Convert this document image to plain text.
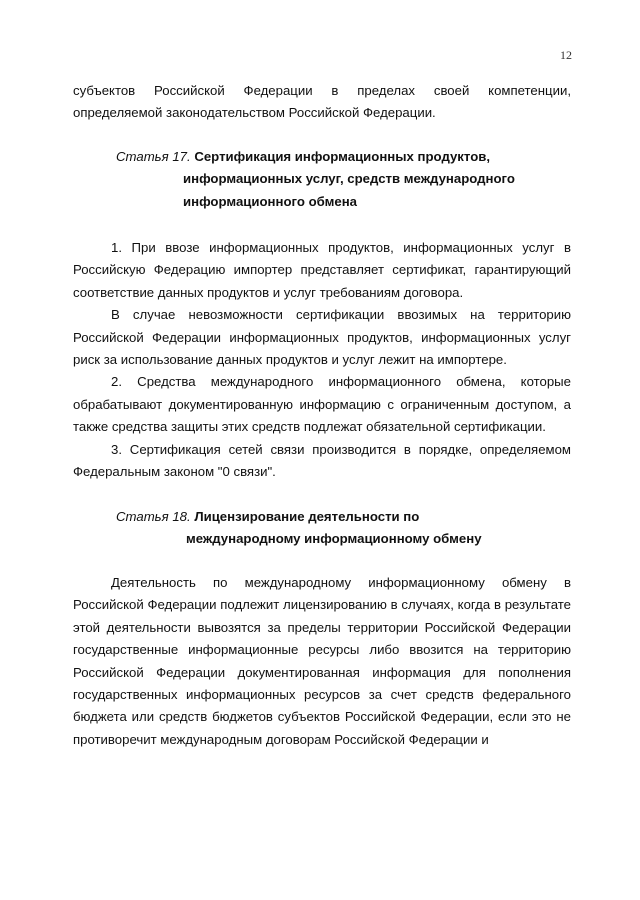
12

субъектов Российской Федерации в пределах своей компетенции, определяемой законодательством Российской Федерации.

Статья 17. Сертификация информационных продуктов,
информационных услуг, средств международного
информационного обмена

1. При ввозе информационных продуктов, информационных услуг в Российскую Федерацию импортер представляет сертификат, гарантирующий соответствие данных продуктов и услуг требованиям договора.

В случае невозможности сертификации ввозимых на территорию Российской Федерации информационных продуктов, информационных услуг риск за использование данных продуктов и услуг лежит на импортере.

2. Средства международного информационного обмена, которые обрабатывают документированную информацию с ограниченным доступом, а также средства защиты этих средств подлежат обязательной сертификации.

3. Сертификация сетей связи производится в порядке, определяемом Федеральным законом "0 связи".

Статья 18. Лицензирование деятельности по
международному информационному обмену

Деятельность по международному информационному обмену в Российской Федерации подлежит лицензированию в случаях, когда в результате этой деятельности вывозятся за пределы территории Российской Федерации государственные информационные ресурсы либо ввозится на территорию Российской Федерации документированная информация для пополнения государственных информационных ресурсов за счет средств федерального бюджета или средств бюджетов субъектов Российской Федерации, если это не противоречит международным договорам Российской Федерации и
